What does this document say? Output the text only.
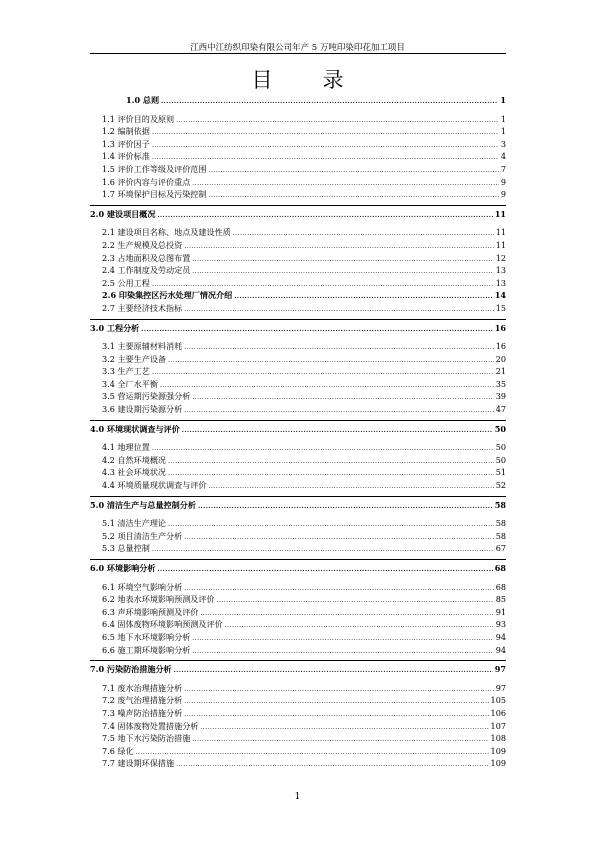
江西中江纺织印染有限公司年产 5 万吨印染印花加工项目
目录
1.0 总则 .....	1
1.1 评价目的及原则 .....	1
1.2 编制依据 .....	1
1.3 评价因子 .....	3
1.4 评价标准 .....	4
1.5 评价工作等级及评价范围 .....	7
1.6 评价内容与评价重点 .....	9
1.7 环境保护目标及污染控制 .....	9
2.0 建设项目概况 .....	11
2.1 建设项目名称、地点及建设性质 .....	11
2.2 生产规模及总投资 .....	11
2.3 占地面积及总图布置 .....	12
2.4 工作制度及劳动定员 .....	13
2.5 公用工程 .....	13
2.6 印染集控区污水处理厂情况介绍 .....	14
2.7 主要经济技术指标 .....	15
3.0 工程分析 .....	16
3.1 主要原辅材料消耗 .....	16
3.2 主要生产设备 .....	20
3.3 生产工艺 .....	21
3.4 全厂水平衡 .....	35
3.5 营运期污染源强分析 .....	39
3.6 建设期污染源分析 .....	47
4.0 环境现状调查与评价 .....	50
4.1 地理位置 .....	50
4.2 自然环境概况 .....	50
4.3 社会环境状况 .....	51
4.4 环境质量现状调查与评价 .....	52
5.0 清洁生产与总量控制分析 .....	58
5.1 清洁生产理论 .....	58
5.2 项目清洁生产分析 .....	58
5.3 总量控制 .....	67
6.0 环境影响分析 .....	68
6.1 环境空气影响分析 .....	68
6.2 地表水环境影响预测及评价 .....	85
6.3 声环境影响预测及评价 .....	91
6.4 固体废物环境影响预测及评价 .....	93
6.5 地下水环境影响分析 .....	94
6.6 施工期环境影响分析 .....	94
7.0 污染防治措施分析 .....	97
7.1 废水治理措施分析 .....	97
7.2 废气治理措施分析 .....	105
7.3 噪声防治措施分析 .....	106
7.4 固体废物处置措施分析 .....	107
7.5 地下水污染防治措施 .....	108
7.6 绿化 .....	109
7.7 建设期环保措施 .....	109
1
